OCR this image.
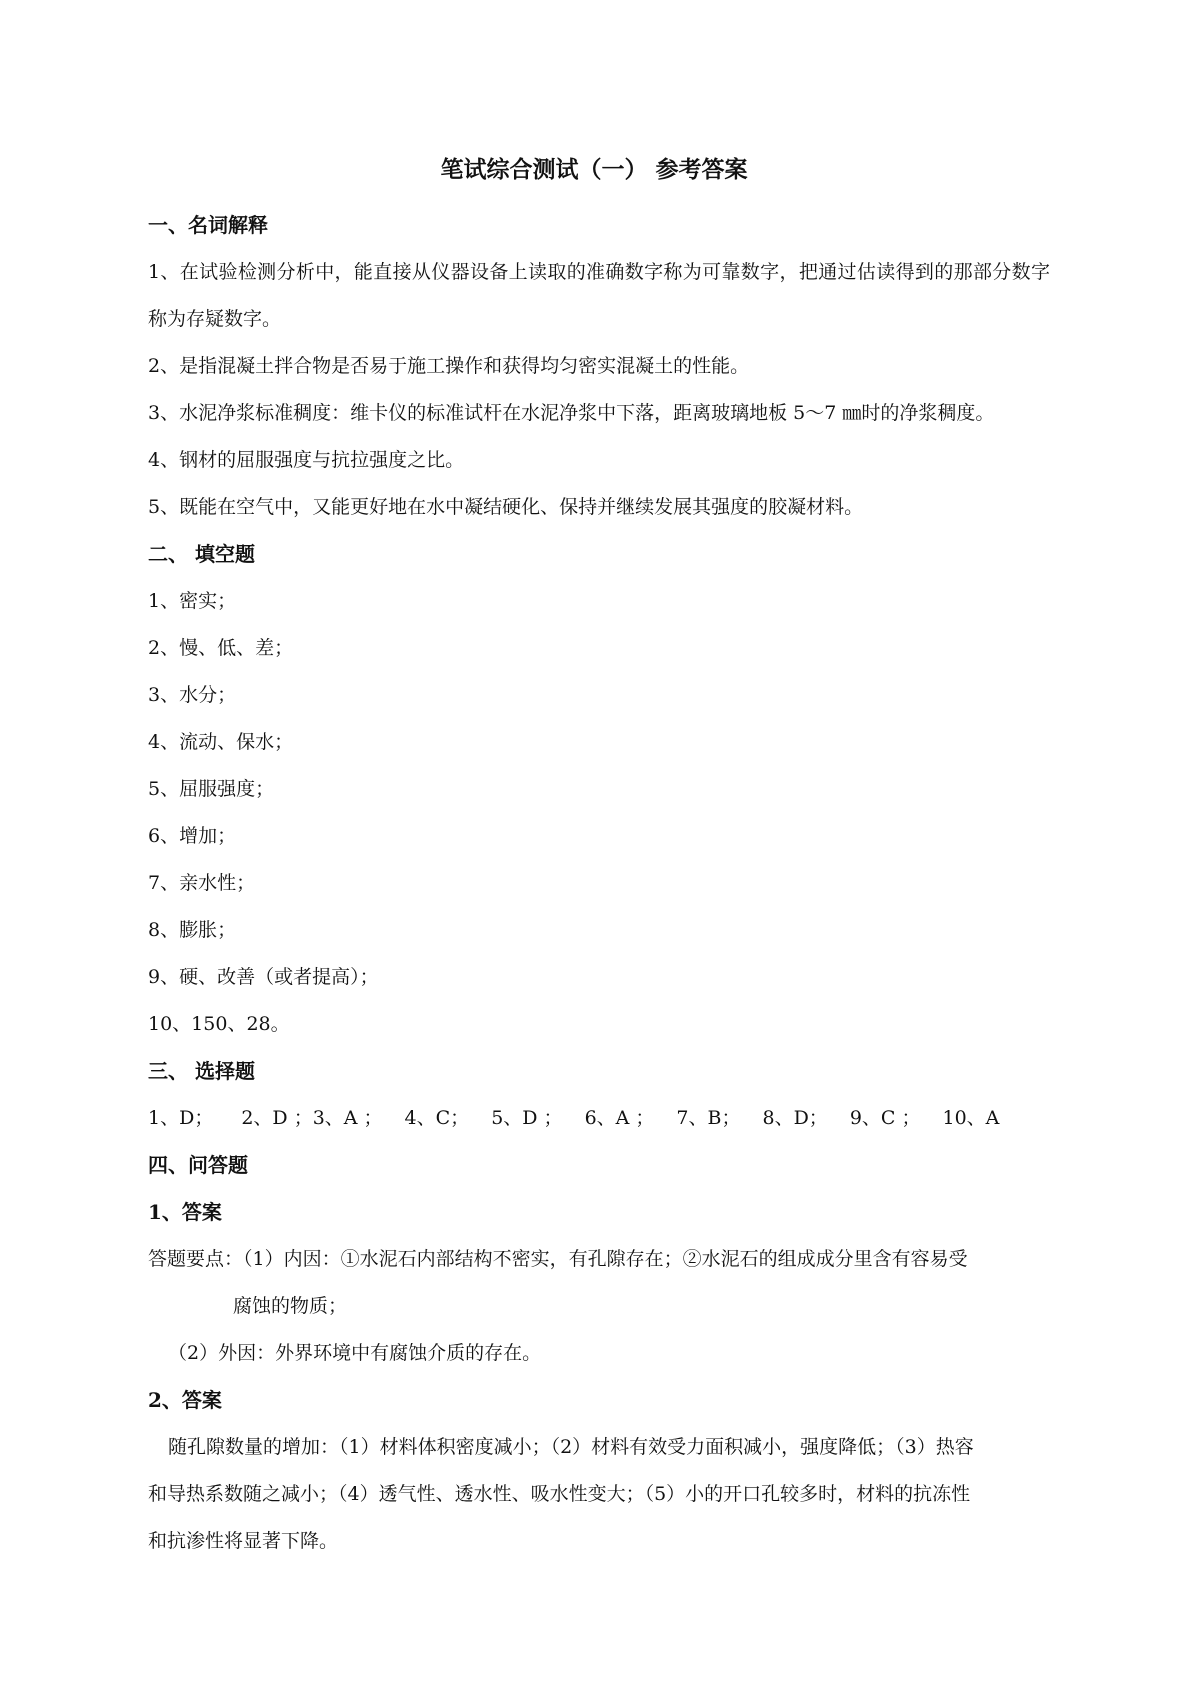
笔试综合测试（一） 参考答案
一、名词解释
1、在试验检测分析中，能直接从仪器设备上读取的准确数字称为可靠数字，把通过估读得到的那部分数字称为存疑数字。
2、是指混凝土拌合物是否易于施工操作和获得均匀密实混凝土的性能。
3、水泥净浆标准稠度：维卡仪的标准试杆在水泥净浆中下落，距离玻璃地板 5～7 ㎜时的净浆稠度。
4、钢材的屈服强度与抗拉强度之比。
5、既能在空气中，又能更好地在水中凝结硬化、保持并继续发展其强度的胶凝材料。
二、 填空题
1、密实；
2、慢、低、差；
3、水分；
4、流动、保水；
5、屈服强度；
6、增加；
7、亲水性；
8、膨胀；
9、硬、改善（或者提高）；
10、150、28。
三、 选择题
1、D； 2、D ；3、A ； 4、C； 5、D ； 6、A ； 7、B； 8、D； 9、C ； 10、A
四、问答题
1、答案
答题要点：（1）内因：①水泥石内部结构不密实，有孔隙存在；②水泥石的组成成分里含有容易受
腐蚀的物质；
（2）外因：外界环境中有腐蚀介质的存在。
2、答案
随孔隙数量的增加：（1）材料体积密度减小；（2）材料有效受力面积减小，强度降低；（3）热容
和导热系数随之减小；（4）透气性、透水性、吸水性变大；（5）小的开口孔较多时，材料的抗冻性
和抗渗性将显著下降。
